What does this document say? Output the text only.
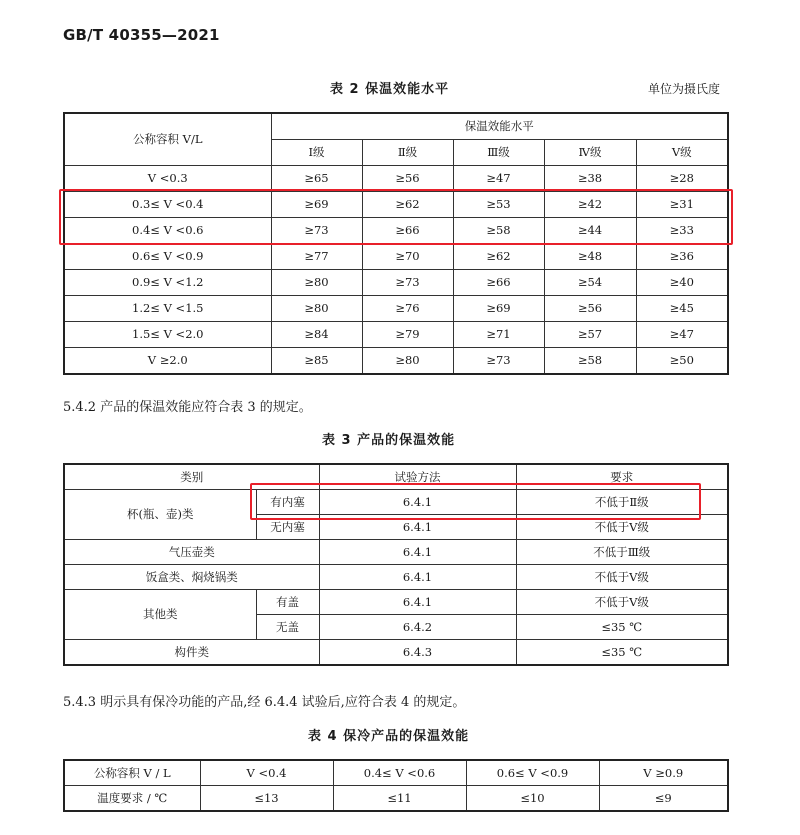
GB/T 40355—2021
表 2 保温效能水平	单位为摄氏度
公称容积 V/L	保温效能水平				
	Ⅰ级	Ⅱ级	Ⅲ级	Ⅳ级	Ⅴ级
V <0.3	≥65	≥56	≥47	≥38	≥28
0.3≤ V <0.4	≥69	≥62	≥53	≥42	≥31
0.4≤ V <0.6	≥73	≥66	≥58	≥44	≥33
0.6≤ V <0.9	≥77	≥70	≥62	≥48	≥36
0.9≤ V <1.2	≥80	≥73	≥66	≥54	≥40
1.2≤ V <1.5	≥80	≥76	≥69	≥56	≥45
1.5≤ V <2.0	≥84	≥79	≥71	≥57	≥47
V ≥2.0	≥85	≥80	≥73	≥58	≥50
5.4.2 产品的保温效能应符合表 3 的规定。
表 3 产品的保温效能
类别		试验方法	要求
杯(瓶、壶)类	有内塞	6.4.1	不低于Ⅱ级
	无内塞	6.4.1	不低于Ⅴ级
气压壶类		6.4.1	不低于Ⅲ级
饭盒类、焖烧锅类		6.4.1	不低于Ⅴ级
其他类	有盖	6.4.1	不低于Ⅴ级
	无盖	6.4.2	≤35 ℃
构件类		6.4.3	≤35 ℃
5.4.3 明示具有保冷功能的产品,经 6.4.4 试验后,应符合表 4 的规定。
表 4 保冷产品的保温效能
公称容积 V / L	V <0.4	0.4≤ V <0.6	0.6≤ V <0.9	V ≥0.9
温度要求 / ℃	≤13	≤11	≤10	≤9
